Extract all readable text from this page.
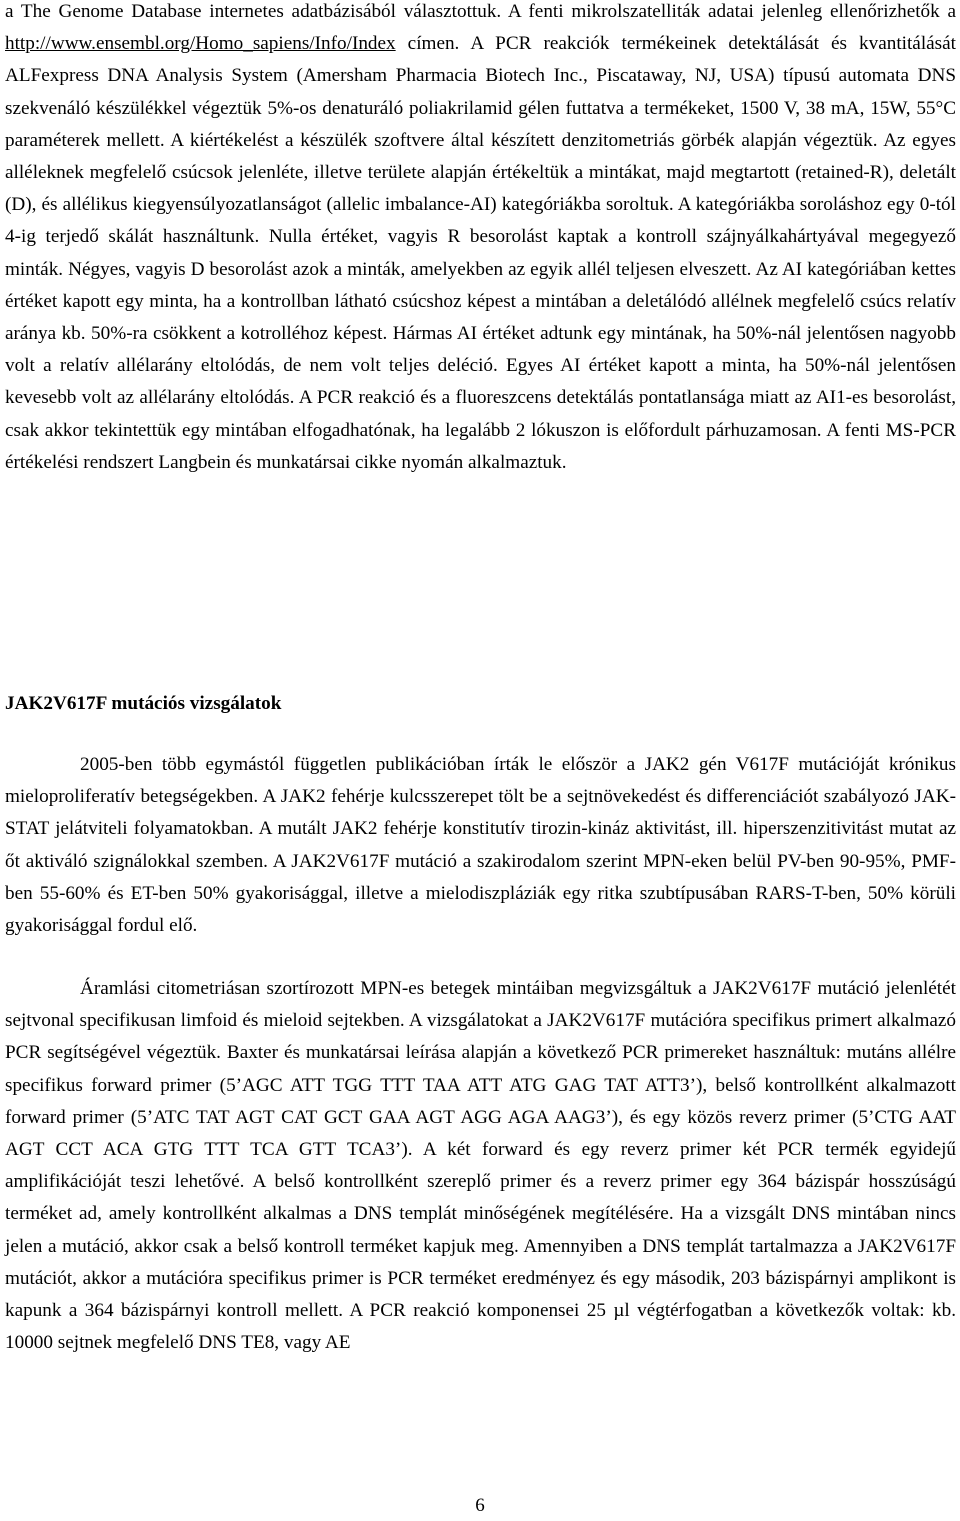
a The Genome Database internetes adatbázisából választottuk. A fenti mikrolszatelliták adatai jelenleg ellenőrizhetők a http://www.ensembl.org/Homo_sapiens/Info/Index címen. A PCR reakciók termékeinek detektálását és kvantitálását ALFexpress DNA Analysis System (Amersham Pharmacia Biotech Inc., Piscataway, NJ, USA) típusú automata DNS szekvenáló készülékkel végeztük 5%-os denaturáló poliakrilamid gélen futtatva a termékeket, 1500 V, 38 mA, 15W, 55°C paraméterek mellett. A kiértékelést a készülék szoftvere által készített denzitometriás görbék alapján végeztük. Az egyes alléleknek megfelelő csúcsok jelenléte, illetve területe alapján értékeltük a mintákat, majd megtartott (retained-R), deletált (D), és allélikus kiegyensúlyozatlanságot (allelic imbalance-AI) kategóriákba soroltuk. A kategóriákba soroláshoz egy 0-tól 4-ig terjedő skálát használtunk. Nulla értéket, vagyis R besorolást kaptak a kontroll szájnyálkahártyával megegyező minták. Négyes, vagyis D besorolást azok a minták, amelyekben az egyik allél teljesen elveszett. Az AI kategóriában kettes értéket kapott egy minta, ha a kontrollban látható csúcshoz képest a mintában a deletálódó allélnek megfelelő csúcs relatív aránya kb. 50%-ra csökkent a kotrolléhoz képest. Hármas AI értéket adtunk egy mintának, ha 50%-nál jelentősen nagyobb volt a relatív allélarány eltolódás, de nem volt teljes deléció. Egyes AI értéket kapott a minta, ha 50%-nál jelentősen kevesebb volt az allélarány eltolódás. A PCR reakció és a fluoreszcens detektálás pontatlansága miatt az AI1-es besorolást, csak akkor tekintettük egy mintában elfogadhatónak, ha legalább 2 lókuszon is előfordult párhuzamosan. A fenti MS-PCR értékelési rendszert Langbein és munkatársai cikke nyomán alkalmaztuk.

JAK2V617F mutációs vizsgálatok

2005-ben több egymástól független publikációban írták le először a JAK2 gén V617F mutációját krónikus mieloproliferatív betegségekben. A JAK2 fehérje kulcsszerepet tölt be a sejtnövekedést és differenciációt szabályozó JAK-STAT jelátviteli folyamatokban. A mutált JAK2 fehérje konstitutív tirozin-kináz aktivitást, ill. hiperszenzitivitást mutat az őt aktiváló szignálokkal szemben. A JAK2V617F mutáció a szakirodalom szerint MPN-eken belül PV-ben 90-95%, PMF-ben 55-60% és ET-ben 50% gyakorisággal, illetve a mielodiszpláziák egy ritka szubtípusában RARS-T-ben, 50% körüli gyakorisággal fordul elő.

Áramlási citometriásan szortírozott MPN-es betegek mintáiban megvizsgáltuk a JAK2V617F mutáció jelenlétét sejtvonal specifikusan limfoid és mieloid sejtekben. A vizsgálatokat a JAK2V617F mutációra specifikus primert alkalmazó PCR segítségével végeztük. Baxter és munkatársai leírása alapján a következő PCR primereket használtuk: mutáns allélre specifikus forward primer (5’AGC ATT TGG TTT TAA ATT ATG GAG TAT ATT3’), belső kontrollként alkalmazott forward primer (5’ATC TAT AGT CAT GCT GAA AGT AGG AGA AAG3’), és egy közös reverz primer (5’CTG AAT AGT CCT ACA GTG TTT TCA GTT TCA3’). A két forward és egy reverz primer két PCR termék egyidejű amplifikációját teszi lehetővé. A belső kontrollként szereplő primer és a reverz primer egy 364 bázispár hosszúságú terméket ad, amely kontrollként alkalmas a DNS templát minőségének megítélésére. Ha a vizsgált DNS mintában nincs jelen a mutáció, akkor csak a belső kontroll terméket kapjuk meg. Amennyiben a DNS templát tartalmazza a JAK2V617F mutációt, akkor a mutációra specifikus primer is PCR terméket eredményez és egy második, 203 bázispárnyi amplikont is kapunk a 364 bázispárnyi kontroll mellett. A PCR reakció komponensei 25 µl végtérfogatban a következők voltak: kb. 10000 sejtnek megfelelő DNS TE8, vagy AE

6
